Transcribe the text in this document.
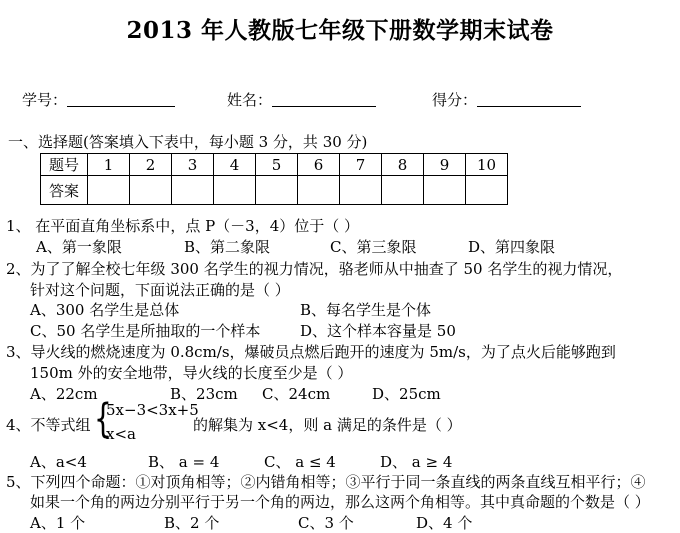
2013 年人教版七年级下册数学期末试卷
学号：	姓名：	得分：
一、选择题(答案填入下表中，每小题 3 分，共 30 分)
题号	1	2	3	4	5	6	7	8	9	10
答案										
1、 在平面直角坐标系中，点 P（－3，4）位于（ ）
A、第一象限	B、第二象限	C、第三象限	D、第四象限
2、为了了解全校七年级 300 名学生的视力情况，骆老师从中抽查了 50 名学生的视力情况，
针对这个问题，下面说法正确的是（ ）
A、300 名学生是总体	B、每名学生是个体
C、50 名学生是所抽取的一个样本	D、这个样本容量是 50
3、导火线的燃烧速度为 0.8cm/s，爆破员点燃后跑开的速度为 5m/s，为了点火后能够跑到
150m 外的安全地带，导火线的长度至少是（ ）
A、22cm	B、23cm C、24cm	D、25cm
4、不等式组 {
5x−3<3x+5
x<a	的解集为 x<4，则 a 满足的条件是（ ）
A、a<4	B、 a = 4	C、 a ≤ 4	D、 a ≥ 4
5、下列四个命题：①对顶角相等；②内错角相等；③平行于同一条直线的两条直线互相平行；④
如果一个角的两边分别平行于另一个角的两边，那么这两个角相等。其中真命题的个数是（ ）
A、1 个	B、2 个	C、3 个	D、4 个
